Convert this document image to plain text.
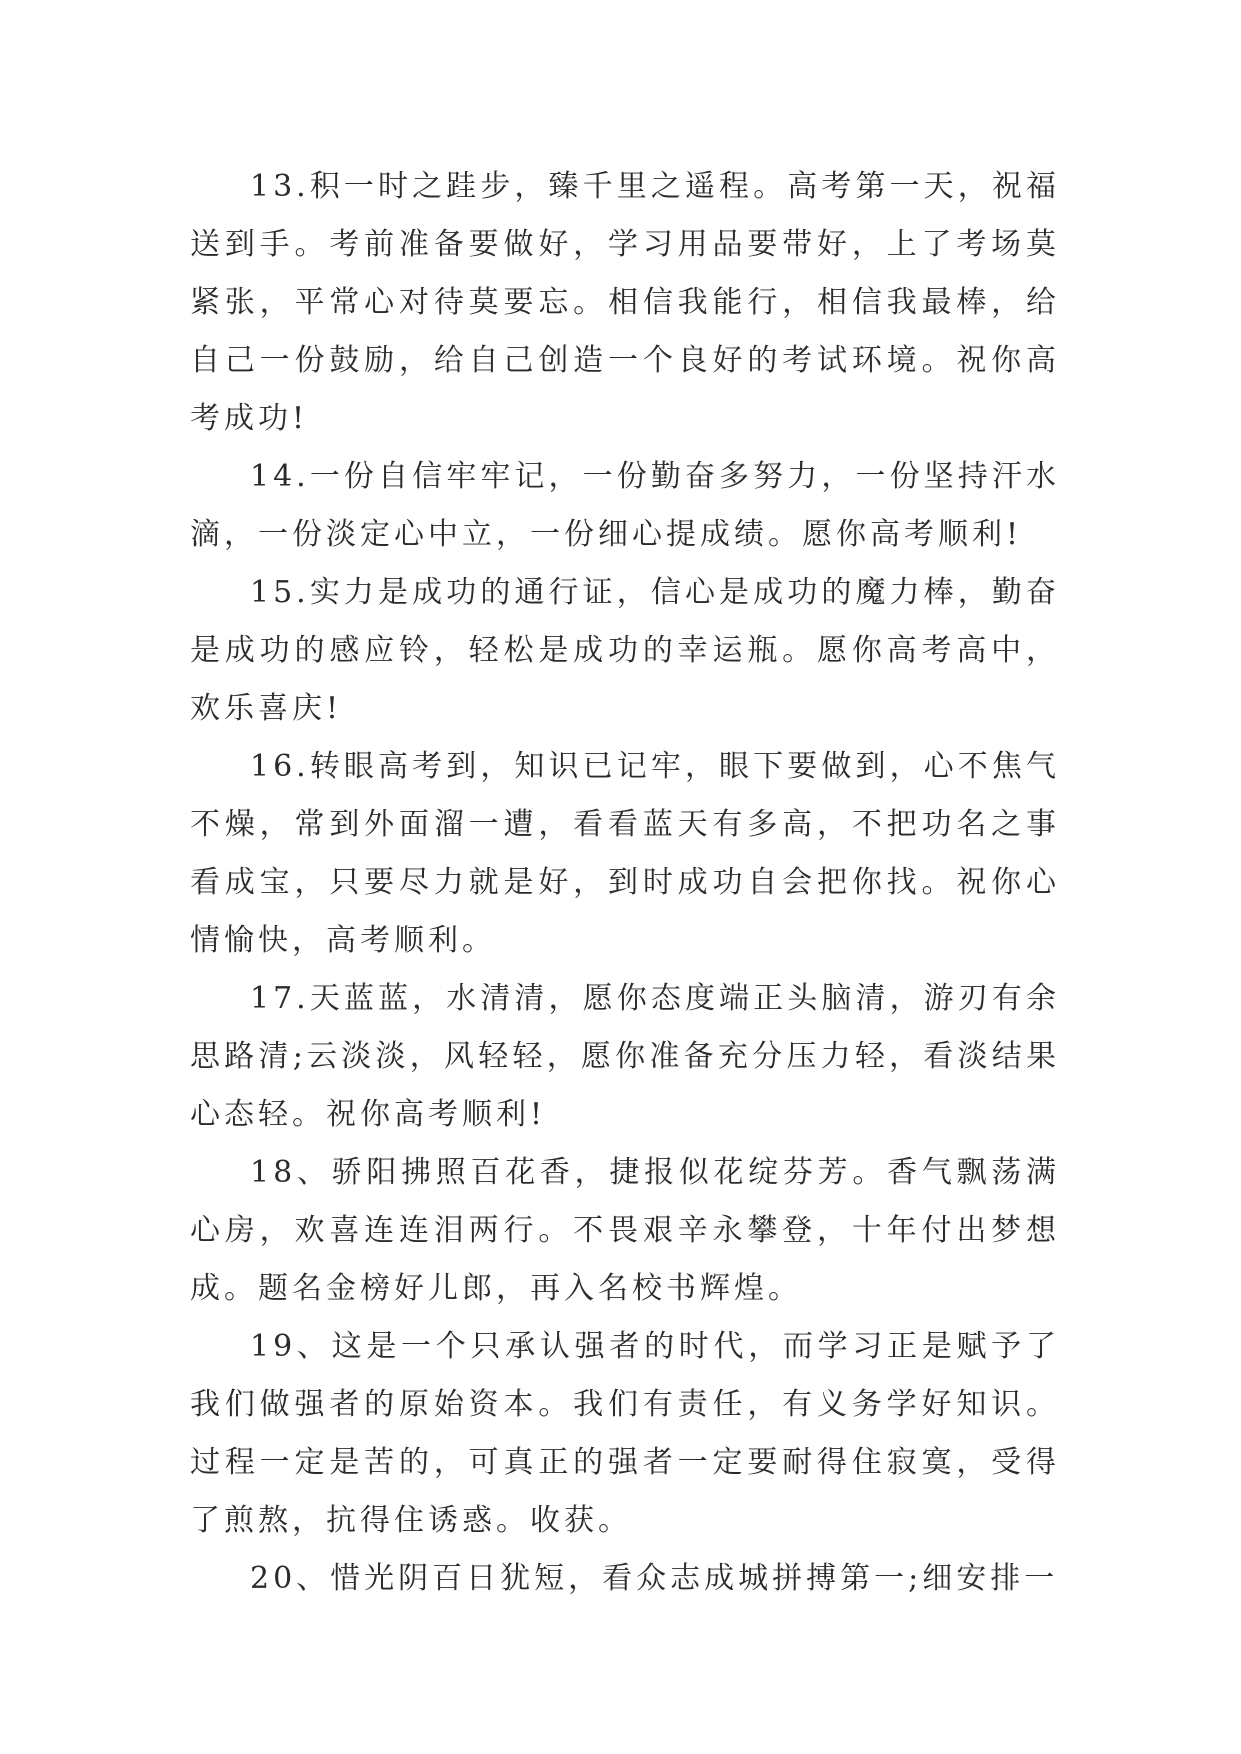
13.积一时之跬步，臻千里之遥程。高考第一天，祝福送到手。考前准备要做好，学习用品要带好，上了考场莫紧张，平常心对待莫要忘。相信我能行，相信我最棒，给自己一份鼓励，给自己创造一个良好的考试环境。祝你高考成功!

14.一份自信牢牢记，一份勤奋多努力，一份坚持汗水滴，一份淡定心中立，一份细心提成绩。愿你高考顺利!

15.实力是成功的通行证，信心是成功的魔力棒，勤奋是成功的感应铃，轻松是成功的幸运瓶。愿你高考高中，欢乐喜庆!

16.转眼高考到，知识已记牢，眼下要做到，心不焦气不燥，常到外面溜一遭，看看蓝天有多高，不把功名之事看成宝，只要尽力就是好，到时成功自会把你找。祝你心情愉快，高考顺利。

17.天蓝蓝，水清清，愿你态度端正头脑清，游刃有余思路清;云淡淡，风轻轻，愿你准备充分压力轻，看淡结果心态轻。祝你高考顺利!

18、骄阳拂照百花香，捷报似花绽芬芳。香气飘荡满心房，欢喜连连泪两行。不畏艰辛永攀登，十年付出梦想成。题名金榜好儿郎，再入名校书辉煌。

19、这是一个只承认强者的时代，而学习正是赋予了我们做强者的原始资本。我们有责任，有义务学好知识。过程一定是苦的，可真正的强者一定要耐得住寂寞，受得了煎熬，抗得住诱惑。收获。

20、惜光阴百日犹短，看众志成城拼搏第一;细安排一
